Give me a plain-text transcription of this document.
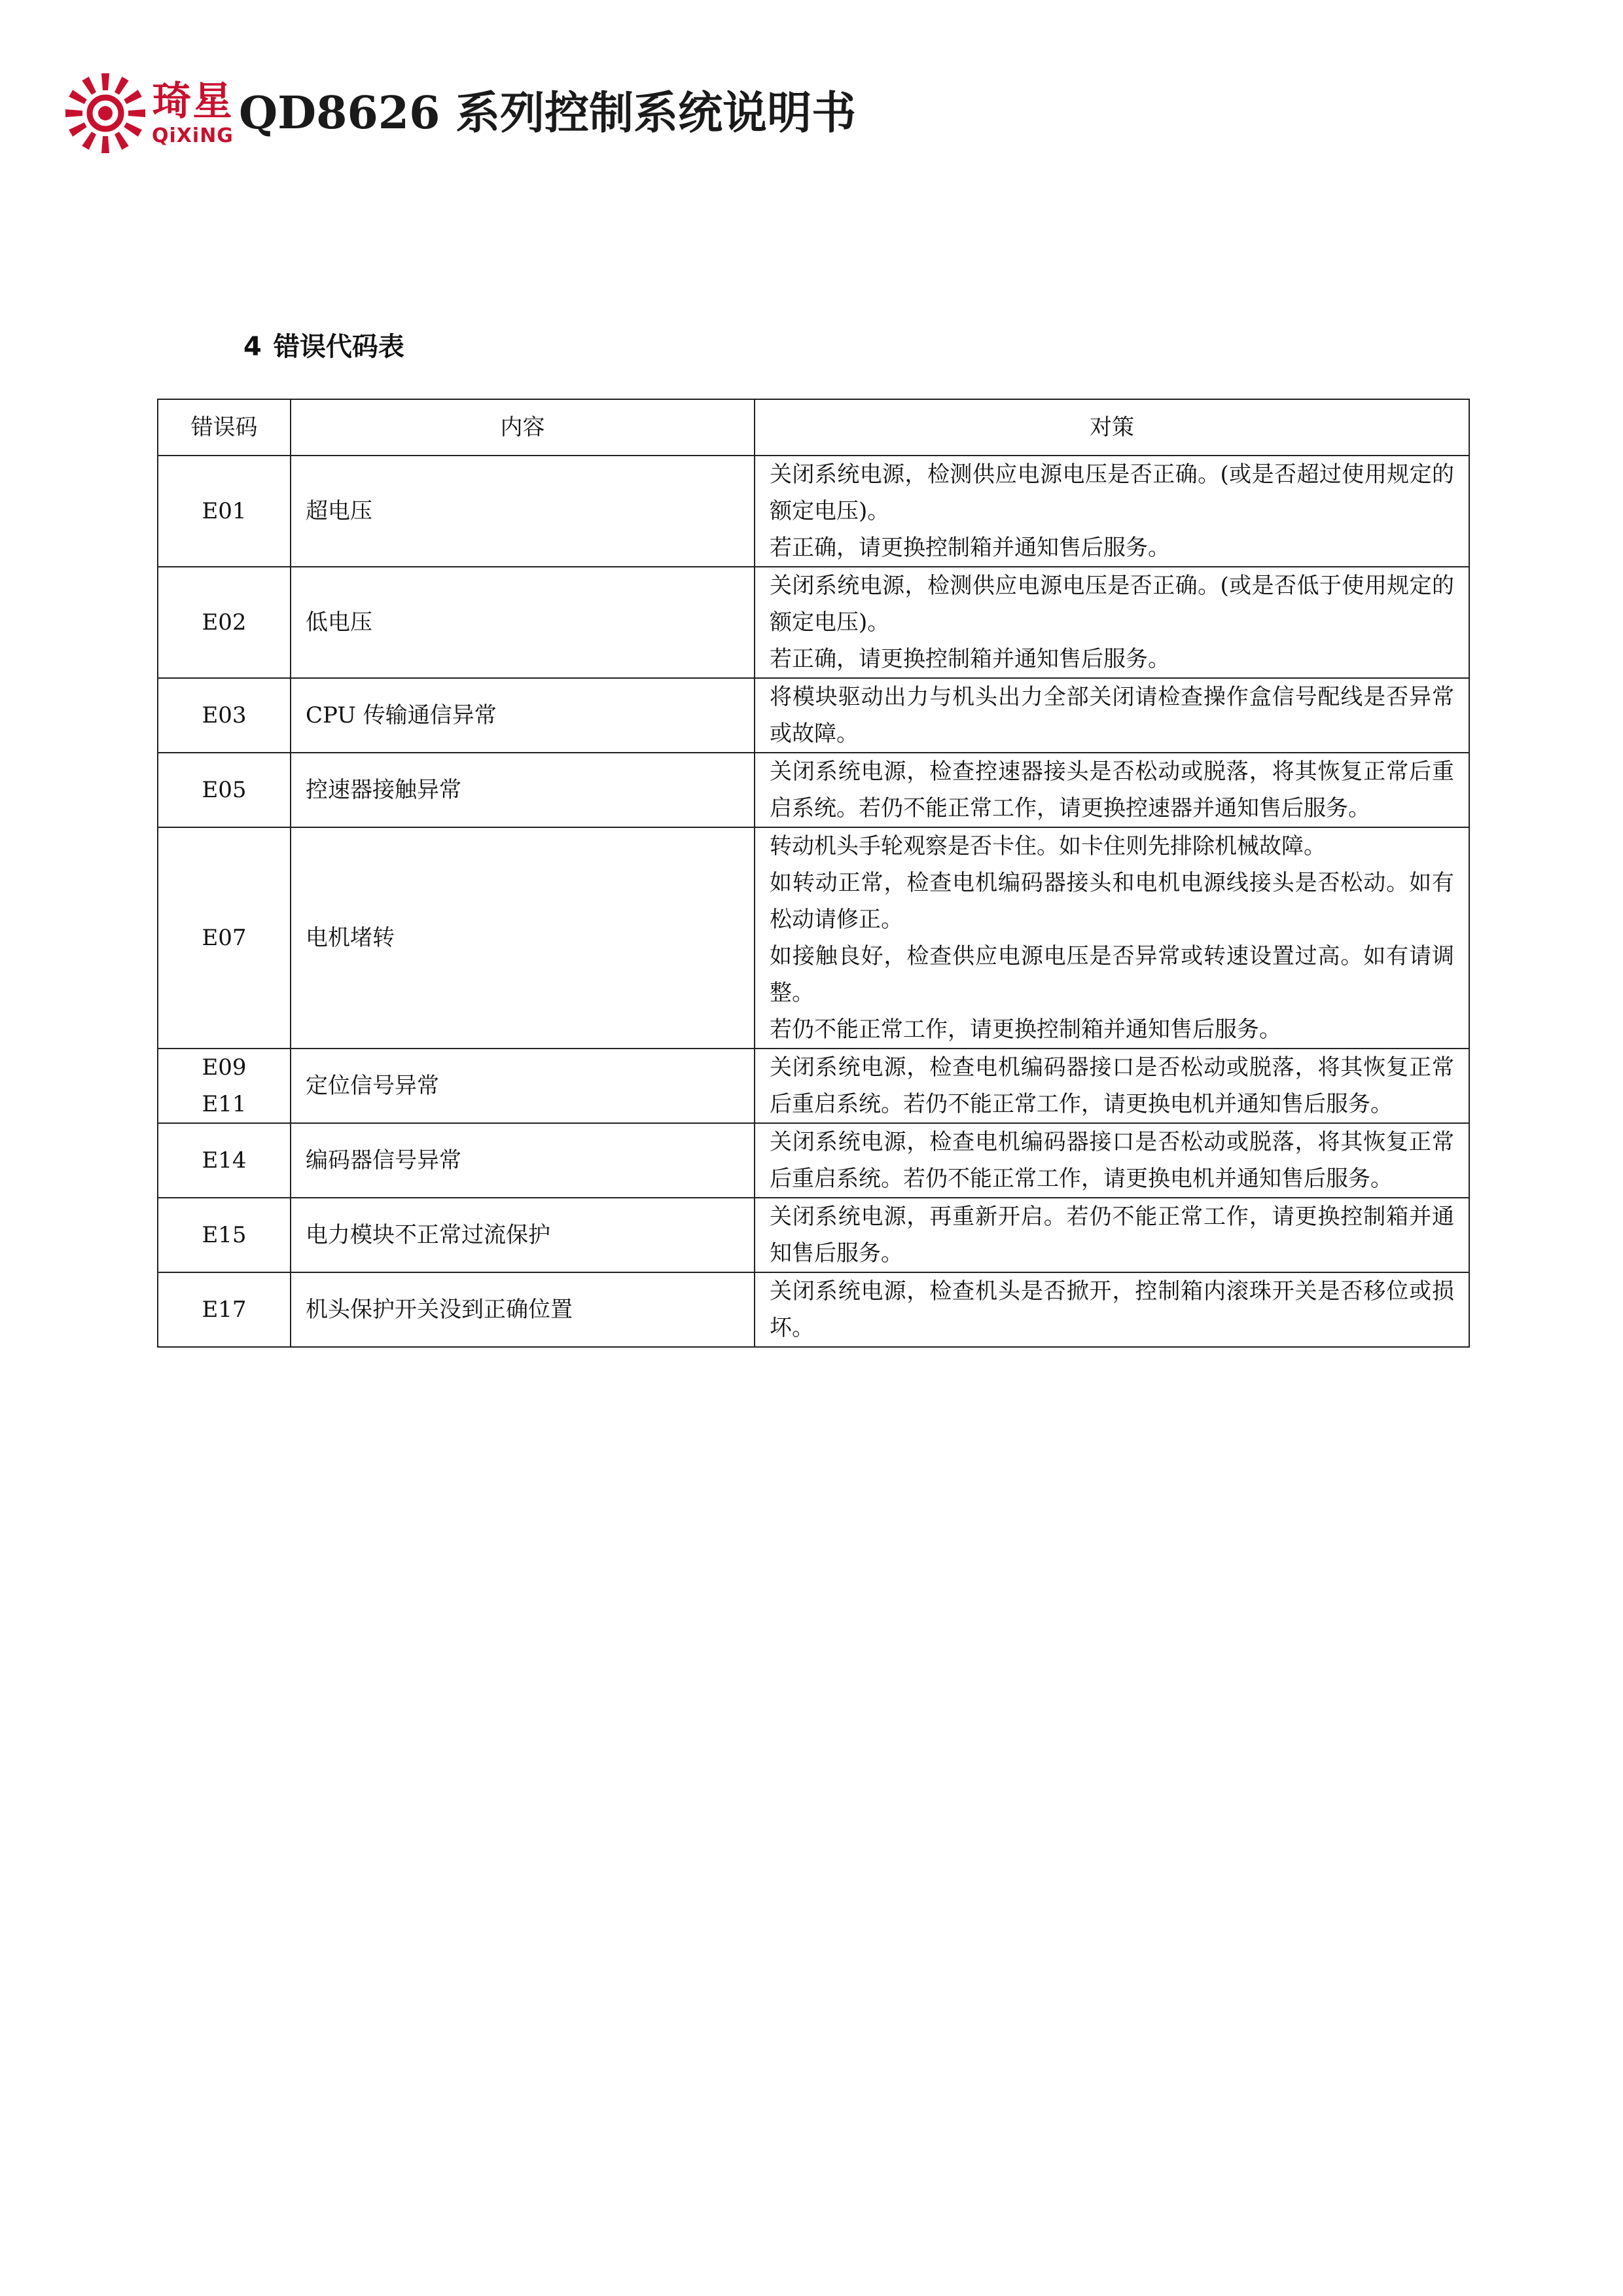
琦星
QiXiNG QD8626 系列控制系统说明书
4 错误代码表
错误码	内容	对策

E01	超电压	关闭系统电源，检测供应电源电压是否正确。(或是否超过使用规定的额定电压)。
若正确，请更换控制箱并通知售后服务。

E02	低电压	关闭系统电源，检测供应电源电压是否正确。(或是否低于使用规定的额定电压)。
若正确，请更换控制箱并通知售后服务。

E03	CPU 传输通信异常	将模块驱动出力与机头出力全部关闭请检查操作盒信号配线是否异常或故障。

E05	控速器接触异常	关闭系统电源，检查控速器接头是否松动或脱落，将其恢复正常后重启系统。若仍不能正常工作，请更换控速器并通知售后服务。

E07	电机堵转	转动机头手轮观察是否卡住。如卡住则先排除机械故障。
如转动正常，检查电机编码器接头和电机电源线接头是否松动。如有松动请修正。
如接触良好，检查供应电源电压是否异常或转速设置过高。如有请调整。
若仍不能正常工作，请更换控制箱并通知售后服务。

E09
E11	定位信号异常	关闭系统电源，检查电机编码器接口是否松动或脱落，将其恢复正常后重启系统。若仍不能正常工作，请更换电机并通知售后服务。

E14	编码器信号异常	关闭系统电源，检查电机编码器接口是否松动或脱落，将其恢复正常后重启系统。若仍不能正常工作，请更换电机并通知售后服务。

E15	电力模块不正常过流保护	关闭系统电源，再重新开启。若仍不能正常工作，请更换控制箱并通知售后服务。

E17	机头保护开关没到正确位置	关闭系统电源，检查机头是否掀开，控制箱内滚珠开关是否移位或损坏。
